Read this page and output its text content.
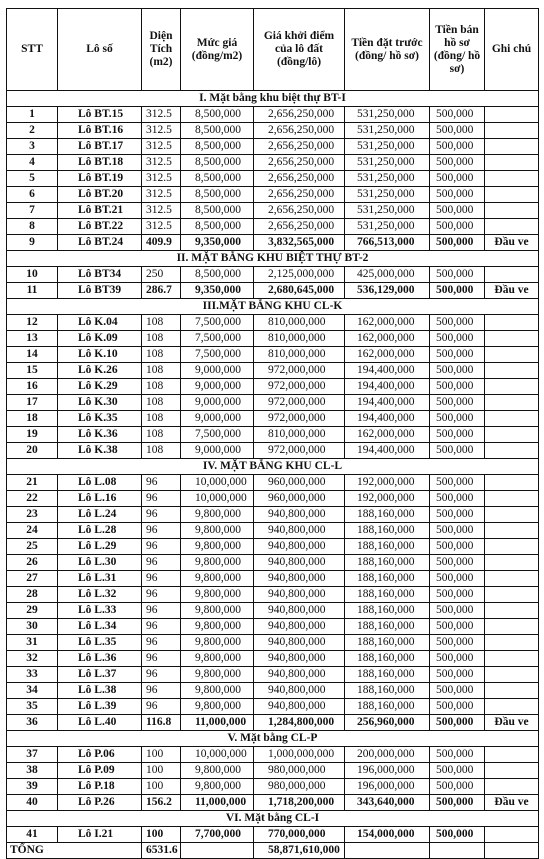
STT	Lô số	Diện Tích (m2)	Mức giá (đồng/m2)	Giá khởi điểm của lô đất (đồng/lô)	Tiền đặt trước (đồng/ hồ sơ)	Tiền bán hồ sơ (đồng/ hồ sơ)	Ghi chú
I. Mặt bằng khu biệt thự BT-I							
1	Lô BT.15	312.5	8,500,000	2,656,250,000	531,250,000	500,000	
2	Lô BT.16	312.5	8,500,000	2,656,250,000	531,250,000	500,000	
3	Lô BT.17	312.5	8,500,000	2,656,250,000	531,250,000	500,000	
4	Lô BT.18	312.5	8,500,000	2,656,250,000	531,250,000	500,000	
5	Lô BT.19	312.5	8,500,000	2,656,250,000	531,250,000	500,000	
6	Lô BT.20	312.5	8,500,000	2,656,250,000	531,250,000	500,000	
7	Lô BT.21	312.5	8,500,000	2,656,250,000	531,250,000	500,000	
8	Lô BT.22	312.5	8,500,000	2,656,250,000	531,250,000	500,000	
9	Lô BT.24	409.9	9,350,000	3,832,565,000	766,513,000	500,000	Đầu ve
II. MẶT BẰNG KHU BIỆT THỰ BT-2							
10	Lô BT34	250	8,500,000	2,125,000,000	425,000,000	500,000	
11	Lô BT39	286.7	9,350,000	2,680,645,000	536,129,000	500,000	Đầu ve
III.MẶT BẰNG KHU CL-K							
12	Lô K.04	108	7,500,000	810,000,000	162,000,000	500,000	
13	Lô K.09	108	7,500,000	810,000,000	162,000,000	500,000	
14	Lô K.10	108	7,500,000	810,000,000	162,000,000	500,000	
15	Lô K.26	108	9,000,000	972,000,000	194,400,000	500,000	
16	Lô K.29	108	9,000,000	972,000,000	194,400,000	500,000	
17	Lô K.30	108	9,000,000	972,000,000	194,400,000	500,000	
18	Lô K.35	108	9,000,000	972,000,000	194,400,000	500,000	
19	Lô K.36	108	7,500,000	810,000,000	162,000,000	500,000	
20	Lô K.38	108	9,000,000	972,000,000	194,400,000	500,000	
IV. MẶT BẰNG KHU CL-L							
21	Lô L.08	96	10,000,000	960,000,000	192,000,000	500,000	
22	Lô L.16	96	10,000,000	960,000,000	192,000,000	500,000	
23	Lô L.24	96	9,800,000	940,800,000	188,160,000	500,000	
24	Lô L.28	96	9,800,000	940,800,000	188,160,000	500,000	
25	Lô L.29	96	9,800,000	940,800,000	188,160,000	500,000	
26	Lô L.30	96	9,800,000	940,800,000	188,160,000	500,000	
27	Lô L.31	96	9,800,000	940,800,000	188,160,000	500,000	
28	Lô L.32	96	9,800,000	940,800,000	188,160,000	500,000	
29	Lô L.33	96	9,800,000	940,800,000	188,160,000	500,000	
30	Lô L.34	96	9,800,000	940,800,000	188,160,000	500,000	
31	Lô L.35	96	9,800,000	940,800,000	188,160,000	500,000	
32	Lô L.36	96	9,800,000	940,800,000	188,160,000	500,000	
33	Lô L.37	96	9,800,000	940,800,000	188,160,000	500,000	
34	Lô L.38	96	9,800,000	940,800,000	188,160,000	500,000	
35	Lô L.39	96	9,800,000	940,800,000	188,160,000	500,000	
36	Lô L.40	116.8	11,000,000	1,284,800,000	256,960,000	500,000	Đầu ve
V. Mặt bằng CL-P							
37	Lô P.06	100	10,000,000	1,000,000,000	200,000,000	500,000	
38	Lô P.09	100	9,800,000	980,000,000	196,000,000	500,000	
39	Lô P.18	100	9,800,000	980,000,000	196,000,000	500,000	
40	Lô P.26	156.2	11,000,000	1,718,200,000	343,640,000	500,000	Đầu ve
VI. Mặt bằng CL-I							
41	Lô I.21	100	7,700,000	770,000,000	154,000,000	500,000	
TỔNG		6531.6		58,871,610,000			
